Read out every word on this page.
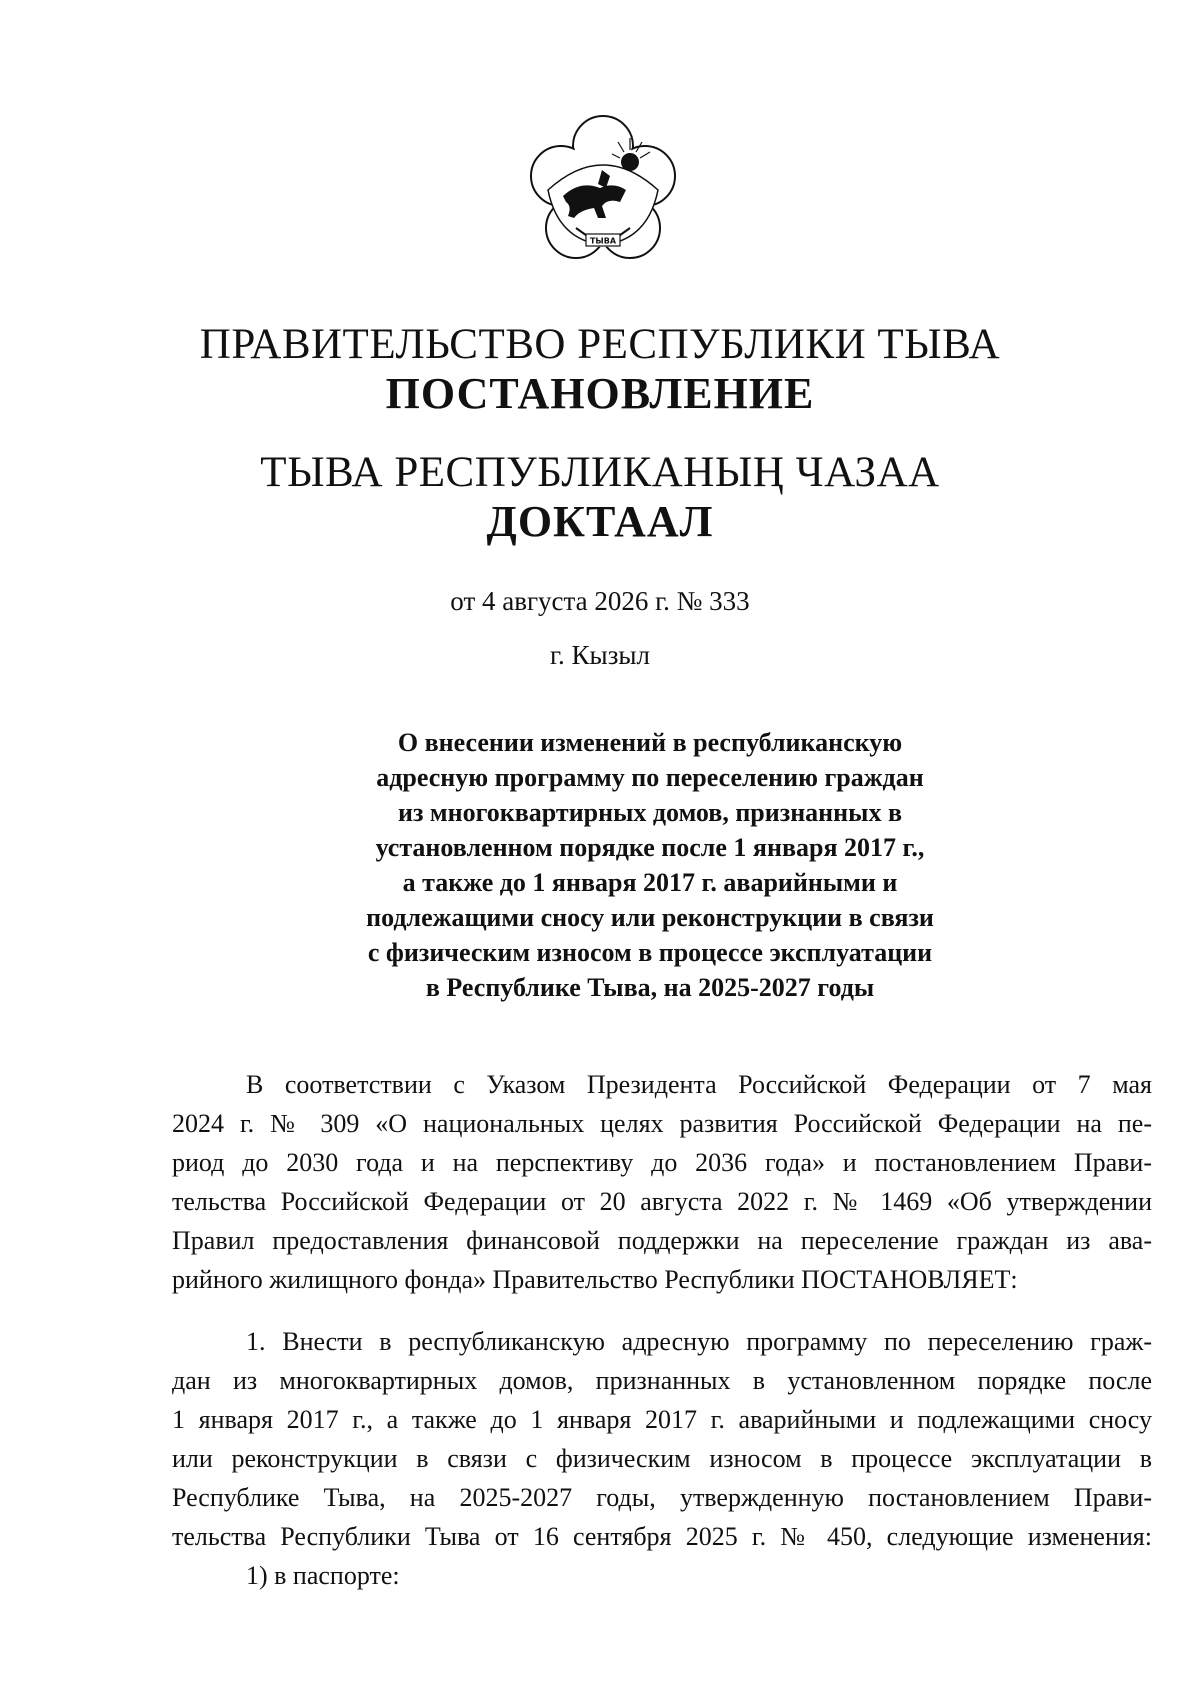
ТЫВА
ПРАВИТЕЛЬСТВО РЕСПУБЛИКИ ТЫВА
ПОСТАНОВЛЕНИЕ
ТЫВА РЕСПУБЛИКАНЫҢ ЧАЗАА
ДОКТААЛ
от 4 августа 2026 г. № 333
г. Кызыл
О внесении изменений в республиканскую
адресную программу по переселению граждан
из многоквартирных домов, признанных в
установленном порядке после 1 января 2017 г.,
а также до 1 января 2017 г. аварийными и
подлежащими сносу или реконструкции в связи
с физическим износом в процессе эксплуатации
в Республике Тыва, на 2025-2027 годы
В соответствии с Указом Президента Российской Федерации от 7 мая
2024 г. № 309 «О национальных целях развития Российской Федерации на пе-
риод до 2030 года и на перспективу до 2036 года» и постановлением Прави-
тельства Российской Федерации от 20 августа 2022 г. № 1469 «Об утверждении
Правил предоставления финансовой поддержки на переселение граждан из ава-
рийного жилищного фонда» Правительство Республики ПОСТАНОВЛЯЕТ:
1. Внести в республиканскую адресную программу по переселению граж-
дан из многоквартирных домов, признанных в установленном порядке после
1 января 2017 г., а также до 1 января 2017 г. аварийными и подлежащими сносу
или реконструкции в связи с физическим износом в процессе эксплуатации в
Республике Тыва, на 2025-2027 годы, утвержденную постановлением Прави-
тельства Республики Тыва от 16 сентября 2025 г. № 450, следующие изменения:
1) в паспорте:
